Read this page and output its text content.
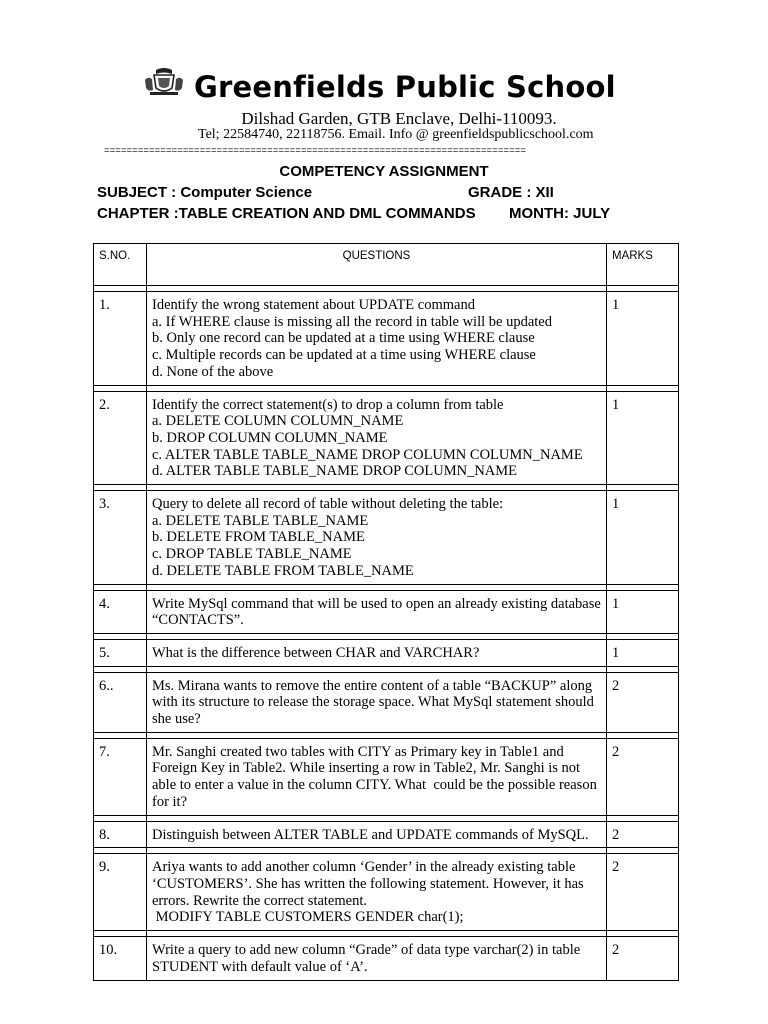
Greenfields Public School
Dilshad Garden, GTB Enclave, Delhi-110093.
Tel; 22584740, 22118756. Email. Info @ greenfieldspublicschool.com
===========================================================================
COMPETENCY ASSIGNMENT
SUBJECT : Computer Science	GRADE : XII
CHAPTER :TABLE CREATION AND DML COMMANDS MONTH: JULY
S.NO.	QUESTIONS	MARKS

1.	Identify the wrong statement about UPDATE command
a. If WHERE clause is missing all the record in table will be updated
b. Only one record can be updated at a time using WHERE clause
c. Multiple records can be updated at a time using WHERE clause
d. None of the above	1

2.	Identify the correct statement(s) to drop a column from table
a. DELETE COLUMN COLUMN_NAME
b. DROP COLUMN COLUMN_NAME
c. ALTER TABLE TABLE_NAME DROP COLUMN COLUMN_NAME
d. ALTER TABLE TABLE_NAME DROP COLUMN_NAME	1

3.	Query to delete all record of table without deleting the table:
a. DELETE TABLE TABLE_NAME
b. DELETE FROM TABLE_NAME
c. DROP TABLE TABLE_NAME
d. DELETE TABLE FROM TABLE_NAME	1

4.	Write MySql command that will be used to open an already existing database “CONTACTS”.	1

5.	What is the difference between CHAR and VARCHAR?	1

6..	Ms. Mirana wants to remove the entire content of a table “BACKUP” along with its structure to release the storage space. What MySql statement should she use?	2

7.	Mr. Sanghi created two tables with CITY as Primary key in Table1 and Foreign Key in Table2. While inserting a row in Table2, Mr. Sanghi is not able to enter a value in the column CITY. What  could be the possible reason for it?	2

8.	Distinguish between ALTER TABLE and UPDATE commands of MySQL.	2

9.	Ariya wants to add another column ‘Gender’ in the already existing table ‘CUSTOMERS’. She has written the following statement. However, it has errors. Rewrite the correct statement.
MODIFY TABLE CUSTOMERS GENDER char(1);	2

10.	Write a query to add new column “Grade” of data type varchar(2) in table STUDENT with default value of ‘A’.	2
